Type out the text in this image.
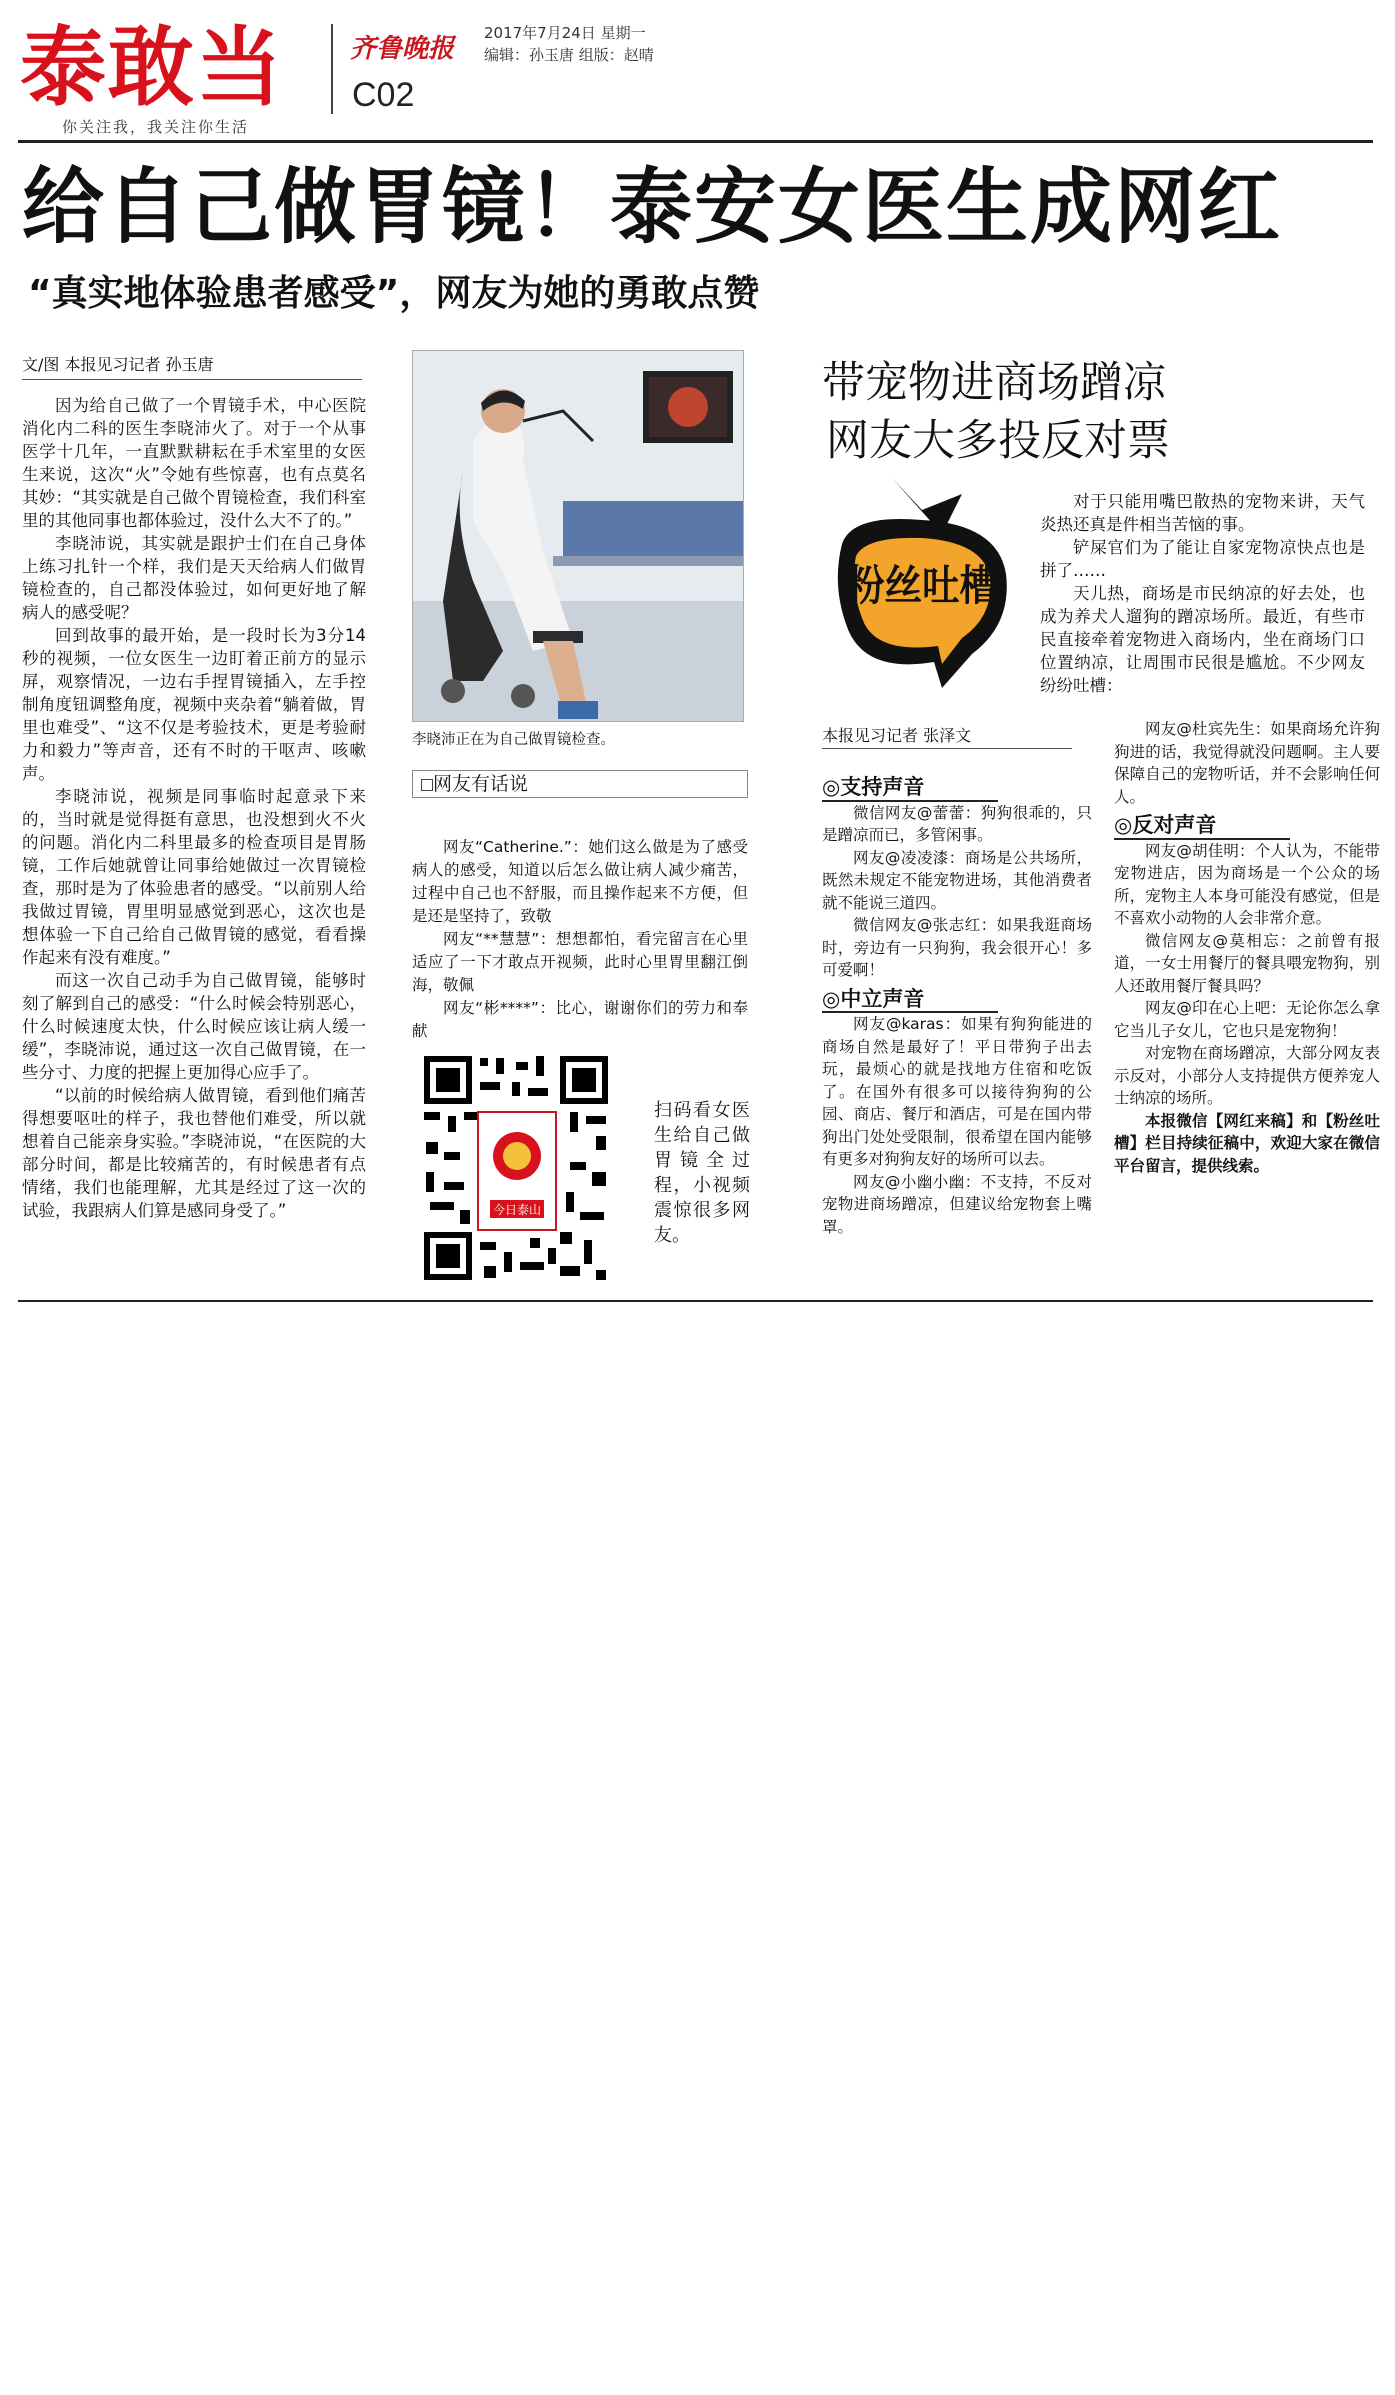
泰敢当
你关注我，我关注你生活
齐鲁晚报
2017年7月24日 星期一
编辑：孙玉唐 组版：赵晴
C02
给自己做胃镜！泰安女医生成网红
“真实地体验患者感受”，网友为她的勇敢点赞
文/图 本报见习记者 孙玉唐

因为给自己做了一个胃镜手术，中心医院消化内二科的医生李晓沛火了。对于一个从事医学十几年，一直默默耕耘在手术室里的女医生来说，这次“火”令她有些惊喜，也有点莫名其妙：“其实就是自己做个胃镜检查，我们科室里的其他同事也都体验过，没什么大不了的。”

李晓沛说，其实就是跟护士们在自己身体上练习扎针一个样，我们是天天给病人们做胃镜检查的，自己都没体验过，如何更好地了解病人的感受呢？

回到故事的最开始，是一段时长为3分14秒的视频，一位女医生一边盯着正前方的显示屏，观察情况，一边右手捏胃镜插入，左手控制角度钮调整角度，视频中夹杂着“躺着做，胃里也难受”、“这不仅是考验技术，更是考验耐力和毅力”等声音，还有不时的干呕声、咳嗽声。

李晓沛说，视频是同事临时起意录下来的，当时就是觉得挺有意思，也没想到火不火的问题。消化内二科里最多的检查项目是胃肠镜，工作后她就曾让同事给她做过一次胃镜检查，那时是为了体验患者的感受。“以前别人给我做过胃镜，胃里明显感觉到恶心，这次也是想体验一下自己给自己做胃镜的感觉，看看操作起来有没有难度。”

而这一次自己动手为自己做胃镜，能够时刻了解到自己的感受：“什么时候会特别恶心，什么时候速度太快，什么时候应该让病人缓一缓”，李晓沛说，通过这一次自己做胃镜，在一些分寸、力度的把握上更加得心应手了。

“以前的时候给病人做胃镜，看到他们痛苦得想要呕吐的样子，我也替他们难受，所以就想着自己能亲身实验。”李晓沛说，“在医院的大部分时间，都是比较痛苦的，有时候患者有点情绪，我们也能理解，尤其是经过了这一次的试验，我跟病人们算是感同身受了。”

李晓沛正在为自己做胃镜检查。
网友有话说

网友“Catherine.”：她们这么做是为了感受病人的感受，知道以后怎么做让病人减少痛苦，过程中自己也不舒服，而且操作起来不方便，但是还是坚持了，致敬

网友“**慧慧”：想想都怕，看完留言在心里适应了一下才敢点开视频，此时心里胃里翻江倒海，敬佩

网友“彬****”：比心，谢谢你们的劳力和奉献

今日泰山
扫码看女医生给自己做胃镜全过程，小视频震惊很多网友。
带宠物进商场蹭凉
网友大多投反对票
粉丝吐槽

对于只能用嘴巴散热的宠物来讲，天气炎热还真是件相当苦恼的事。

铲屎官们为了能让自家宠物凉快点也是拼了……

天儿热，商场是市民纳凉的好去处，也成为养犬人遛狗的蹭凉场所。最近，有些市民直接牵着宠物进入商场内，坐在商场门口位置纳凉，让周围市民很是尴尬。不少网友纷纷吐槽：

本报见习记者 张泽文
◎支持声音

微信网友@蕾蕾：狗狗很乖的，只是蹭凉而已，多管闲事。

网友@凌凌漆：商场是公共场所，既然未规定不能宠物进场，其他消费者就不能说三道四。

微信网友@张志红：如果我逛商场时，旁边有一只狗狗，我会很开心！多可爱啊！

◎中立声音

网友@karas：如果有狗狗能进的商场自然是最好了！平日带狗子出去玩，最烦心的就是找地方住宿和吃饭了。在国外有很多可以接待狗狗的公园、商店、餐厅和酒店，可是在国内带狗出门处处受限制，很希望在国内能够有更多对狗狗友好的场所可以去。

网友@小幽小幽：不支持，不反对宠物进商场蹭凉，但建议给宠物套上嘴罩。

网友@杜宾先生：如果商场允许狗狗进的话，我觉得就没问题啊。主人要保障自己的宠物听话，并不会影响任何人。

◎反对声音

网友@胡佳明：个人认为，不能带宠物进店，因为商场是一个公众的场所，宠物主人本身可能没有感觉，但是不喜欢小动物的人会非常介意。

微信网友@莫相忘：之前曾有报道，一女士用餐厅的餐具喂宠物狗，别人还敢用餐厅餐具吗？

网友@印在心上吧：无论你怎么拿它当儿子女儿，它也只是宠物狗！

对宠物在商场蹭凉，大部分网友表示反对，小部分人支持提供方便养宠人士纳凉的场所。

本报微信【网红来稿】和【粉丝吐槽】栏目持续征稿中，欢迎大家在微信平台留言，提供线索。
